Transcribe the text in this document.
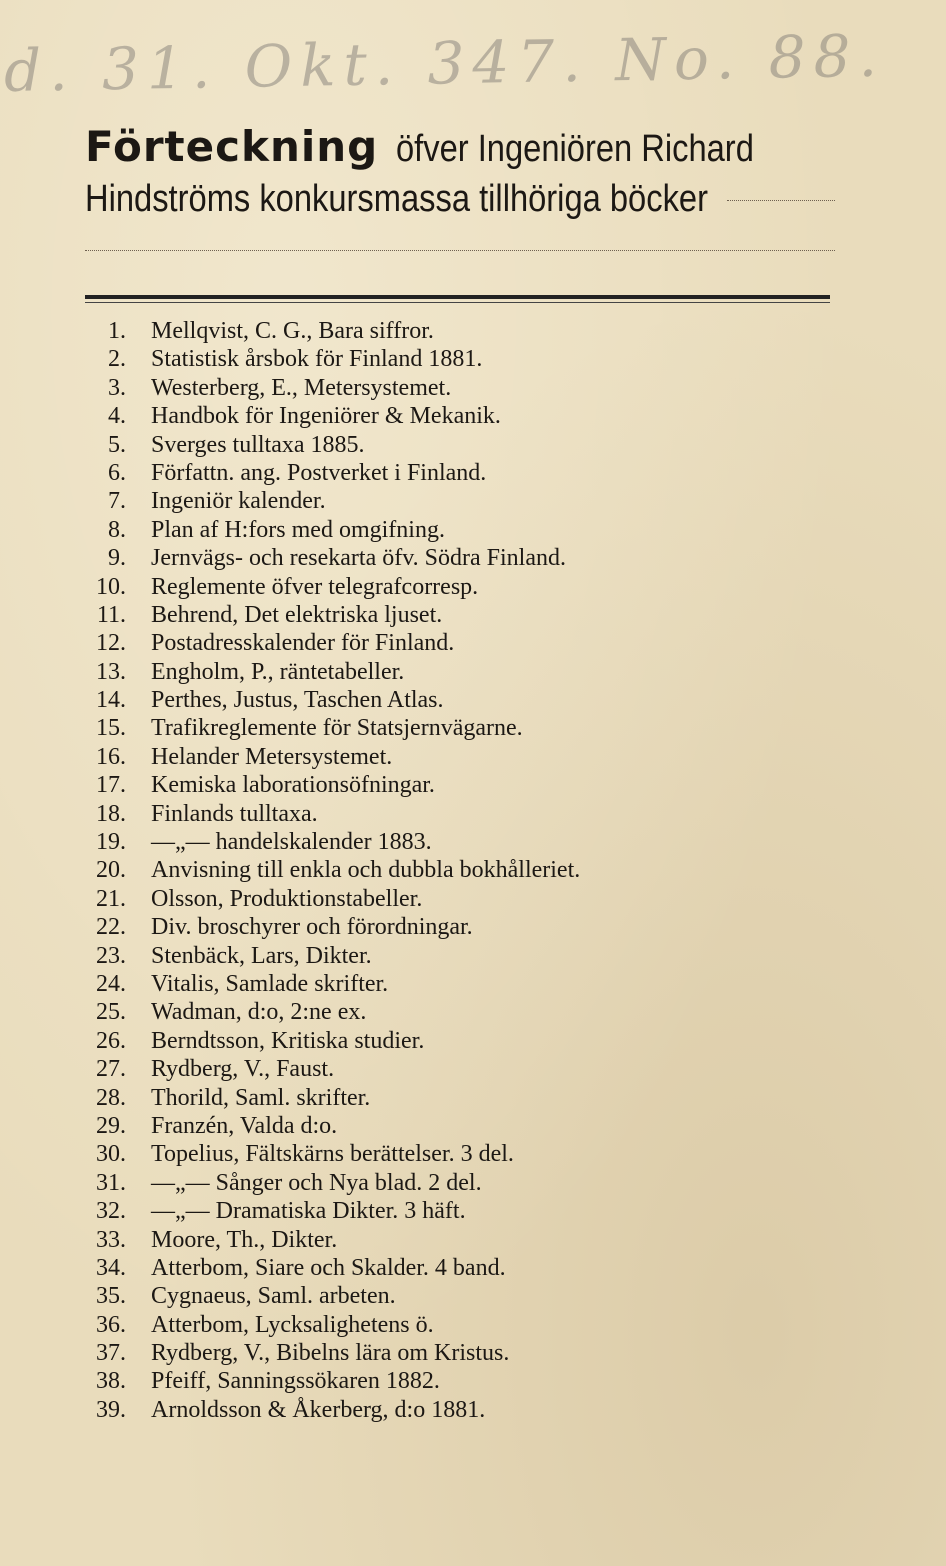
d. 31. Okt. 347. No. 88.
Förteckning öfver Ingeniören Richard
Hindströms konkursmassa tillhöriga böcker
1. Mellqvist, C. G., Bara siffror.
2. Statistisk årsbok för Finland 1881.
3. Westerberg, E., Metersystemet.
4. Handbok för Ingeniörer & Mekanik.
5. Sverges tulltaxa 1885.
6. Författn. ang. Postverket i Finland.
7. Ingeniör kalender.
8. Plan af H:fors med omgifning.
9. Jernvägs- och resekarta öfv. Södra Finland.
10. Reglemente öfver telegrafcorresp.
11. Behrend, Det elektriska ljuset.
12. Postadresskalender för Finland.
13. Engholm, P., räntetabeller.
14. Perthes, Justus, Taschen Atlas.
15. Trafikreglemente för Statsjernvägarne.
16. Helander Metersystemet.
17. Kemiska laborationsöfningar.
18. Finlands tulltaxa.
19. —„— handelskalender 1883.
20. Anvisning till enkla och dubbla bokhålleriet.
21. Olsson, Produktionstabeller.
22. Div. broschyrer och förordningar.
23. Stenbäck, Lars, Dikter.
24. Vitalis, Samlade skrifter.
25. Wadman, d:o, 2:ne ex.
26. Berndtsson, Kritiska studier.
27. Rydberg, V., Faust.
28. Thorild, Saml. skrifter.
29. Franzén, Valda d:o.
30. Topelius, Fältskärns berättelser. 3 del.
31. —„— Sånger och Nya blad. 2 del.
32. —„— Dramatiska Dikter. 3 häft.
33. Moore, Th., Dikter.
34. Atterbom, Siare och Skalder. 4 band.
35. Cygnaeus, Saml. arbeten.
36. Atterbom, Lycksalighetens ö.
37. Rydberg, V., Bibelns lära om Kristus.
38. Pfeiff, Sanningssökaren 1882.
39. Arnoldsson & Åkerberg, d:o 1881.
